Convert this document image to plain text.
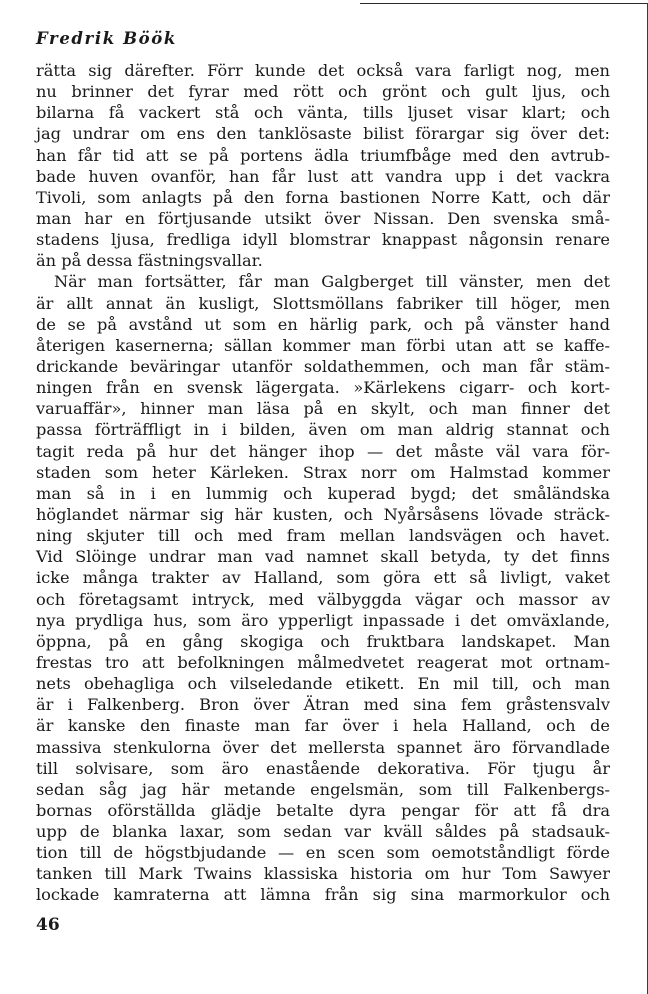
Fredrik Böök
rätta sig därefter. Förr kunde det också vara farligt nog, men
nu brinner det fyrar med rött och grönt och gult ljus, och
bilarna få vackert stå och vänta, tills ljuset visar klart; och
jag undrar om ens den tanklösaste bilist förargar sig över det:
han får tid att se på portens ädla triumfbåge med den avtrub-
bade huven ovanför, han får lust att vandra upp i det vackra
Tivoli, som anlagts på den forna bastionen Norre Katt, och där
man har en förtjusande utsikt över Nissan. Den svenska små-
stadens ljusa, fredliga idyll blomstrar knappast någonsin renare
än på dessa fästningsvallar.
När man fortsätter, får man Galgberget till vänster, men det
är allt annat än kusligt, Slottsmöllans fabriker till höger, men
de se på avstånd ut som en härlig park, och på vänster hand
återigen kasernerna; sällan kommer man förbi utan att se kaffe-
drickande beväringar utanför soldathemmen, och man får stäm-
ningen från en svensk lägergata. »Kärlekens cigarr- och kort-
varuaffär», hinner man läsa på en skylt, och man finner det
passa förträffligt in i bilden, även om man aldrig stannat och
tagit reda på hur det hänger ihop — det måste väl vara för-
staden som heter Kärleken. Strax norr om Halmstad kommer
man så in i en lummig och kuperad bygd; det småländska
höglandet närmar sig här kusten, och Nyårsåsens lövade sträck-
ning skjuter till och med fram mellan landsvägen och havet.
Vid Slöinge undrar man vad namnet skall betyda, ty det finns
icke många trakter av Halland, som göra ett så livligt, vaket
och företagsamt intryck, med välbyggda vägar och massor av
nya prydliga hus, som äro ypperligt inpassade i det omväxlande,
öppna, på en gång skogiga och fruktbara landskapet. Man
frestas tro att befolkningen målmedvetet reagerat mot ortnam-
nets obehagliga och vilseledande etikett. En mil till, och man
är i Falkenberg. Bron över Ätran med sina fem gråstensvalv
är kanske den finaste man far över i hela Halland, och de
massiva stenkulorna över det mellersta spannet äro förvandlade
till solvisare, som äro enastående dekorativa. För tjugu år
sedan såg jag här metande engelsmän, som till Falkenbergs-
bornas oförställda glädje betalte dyra pengar för att få dra
upp de blanka laxar, som sedan var kväll såldes på stadsauk-
tion till de högstbjudande — en scen som oemotståndligt förde
tanken till Mark Twains klassiska historia om hur Tom Sawyer
lockade kamraterna att lämna från sig sina marmorkulor och
46
